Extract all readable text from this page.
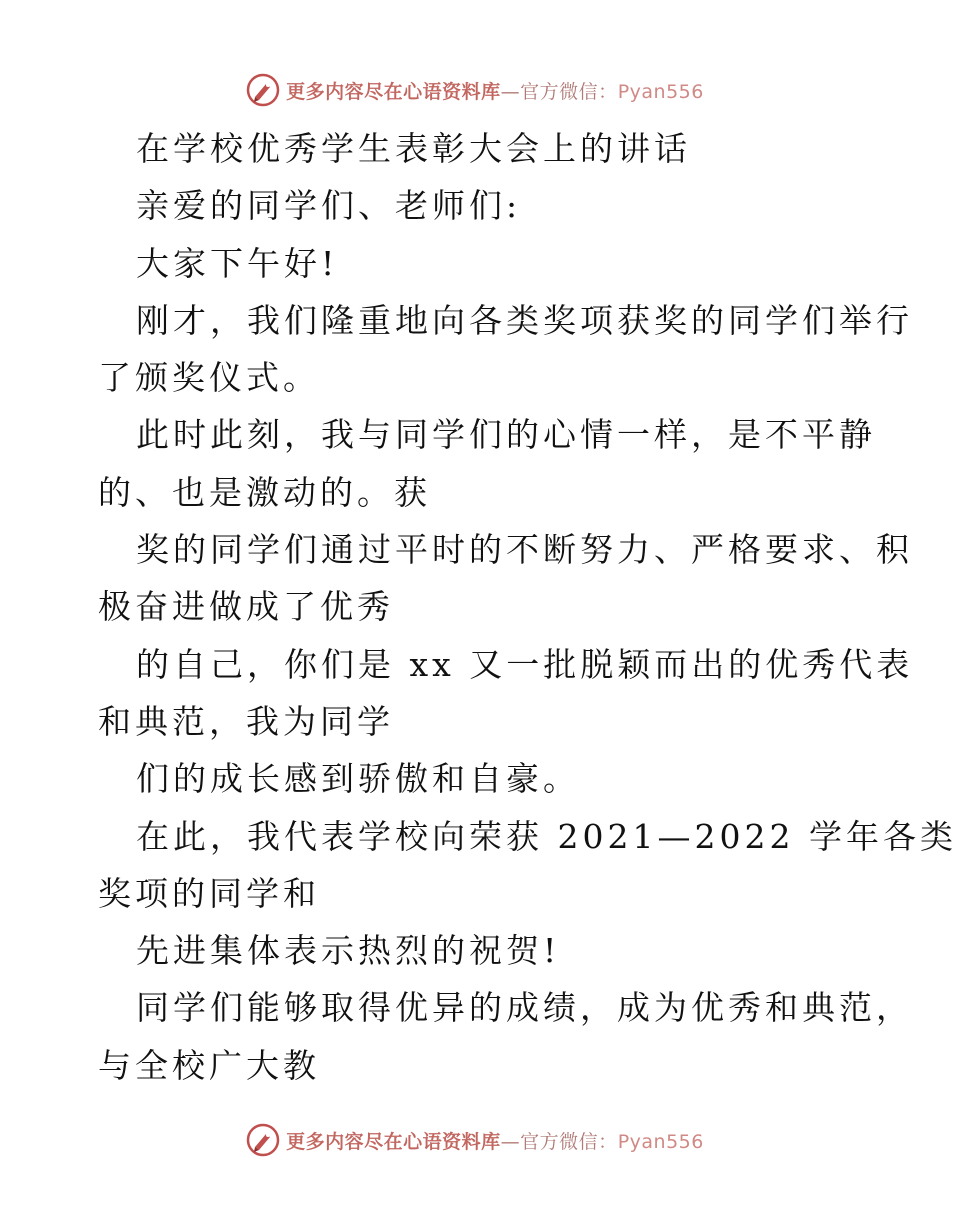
更多内容尽在心语资料库—官方微信：Pyan556
在学校优秀学生表彰大会上的讲话
亲爱的同学们、老师们:
大家下午好!
刚才，我们隆重地向各类奖项获奖的同学们举行
了颁奖仪式。
此时此刻，我与同学们的心情一样，是不平静
的、也是激动的。获
奖的同学们通过平时的不断努力、严格要求、积
极奋进做成了优秀
的自己，你们是 xx 又一批脱颖而出的优秀代表
和典范，我为同学
们的成长感到骄傲和自豪。
在此，我代表学校向荣获 2021—2022 学年各类
奖项的同学和
先进集体表示热烈的祝贺!
同学们能够取得优异的成绩，成为优秀和典范，
与全校广大教
更多内容尽在心语资料库—官方微信：Pyan556
